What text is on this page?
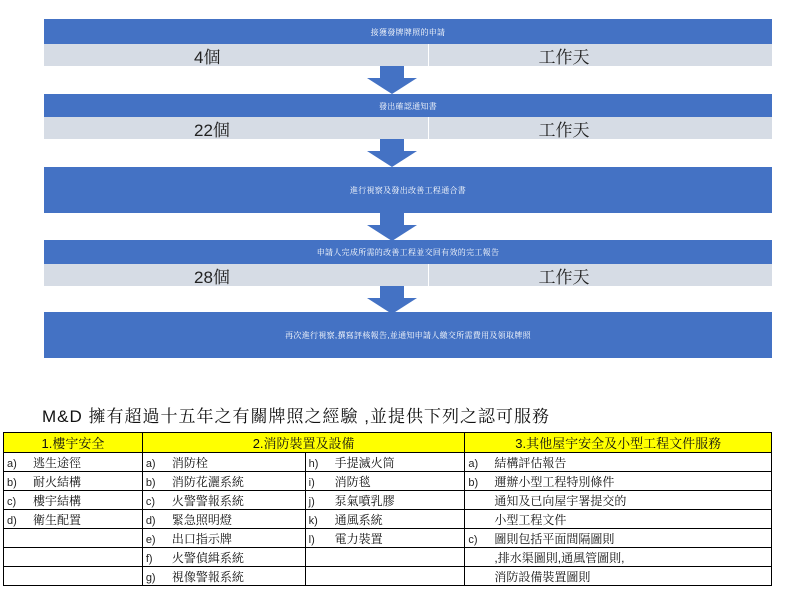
接獲發牌牌照的申請
4個	工作天
發出確認通知書
22個	工作天
進行視察及發出改善工程通合書
申請人完成所需的改善工程並交回有效的完工報告
28個	工作天
再次進行視察,撰寫評核報告,並通知申請人繳交所需費用及領取牌照
M&D 擁有超過十五年之有關牌照之經驗 ,並提供下列之認可服務
1.樓宇安全	2.消防裝置及設備		3.其他屋宇安全及小型工程文件服務
a) 逃生途徑	a) 消防栓	h) 手提滅火筒	a) 結構評估報告
b) 耐火結構	b) 消防花灑系統	i) 消防毯	b) 邇辦小型工程特別條件
c) 樓宇結構	c) 火警警報系統	j) 泵氣噴乳膠	通知及已向屋宇署提交的
d) 衛生配置	d) 緊急照明燈	k) 通風系統	小型工程文件
	e) 出口指示牌	l) 電力裝置	c) 圖則包括平面間隔圖則
	f) 火警偵緝系統		,排水渠圖則,通風管圖則,
	g) 視像警報系統		消防設備裝置圖則
